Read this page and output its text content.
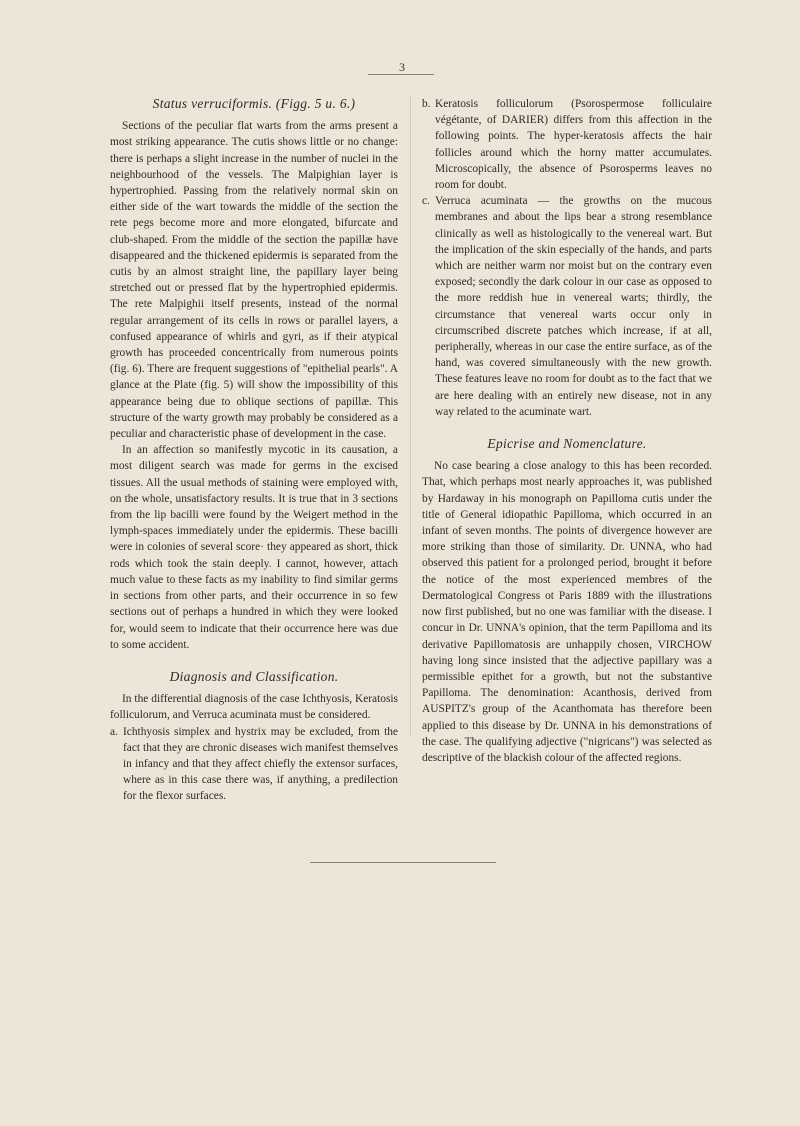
3
Status verruciformis. (Figg. 5 u. 6.)

Sections of the peculiar flat warts from the arms present a most striking appearance. The cutis shows little or no change: there is perhaps a slight increase in the number of nuclei in the neighbourhood of the vessels. The Malpighian layer is hypertrophied. Passing from the relatively normal skin on either side of the wart towards the middle of the section the rete pegs become more and more elongated, bifurcate and club-shaped. From the middle of the section the papillæ have disappeared and the thickened epidermis is separated from the cutis by an almost straight line, the papillary layer being stretched out or pressed flat by the hypertrophied epidermis. The rete Malpighii itself presents, instead of the normal regular arrangement of its cells in rows or parallel layers, a confused appearance of whirls and gyri, as if their atypical growth has proceeded concentrically from numerous points (fig. 6). There are frequent suggestions of "epithelial pearls". A glance at the Plate (fig. 5) will show the impossibility of this appearance being due to oblique sections of papillæ. This structure of the warty growth may probably be considered as a peculiar and characteristic phase of development in the case.

In an affection so manifestly mycotic in its causation, a most diligent search was made for germs in the excised tissues. All the usual methods of staining were employed with, on the whole, unsatisfactory results. It is true that in 3 sections from the lip bacilli were found by the Weigert method in the lymph-spaces immediately under the epidermis. These bacilli were in colonies of several score· they appeared as short, thick rods which took the stain deeply. I cannot, however, attach much value to these facts as my inability to find similar germs in sections from other parts, and their occurrence in so few sections out of perhaps a hundred in which they were looked for, would seem to indicate that their occurrence here was due to some accident.

Diagnosis and Classification.

In the differential diagnosis of the case Ichthyosis, Keratosis folliculorum, and Verruca acuminata must be considered.

a. Ichthyosis simplex and hystrix may be excluded, from the fact that they are chronic diseases wich manifest themselves in infancy and that they affect chiefly the extensor surfaces, where as in this case there was, if anything, a predilection for the flexor surfaces.
b. Keratosis folliculorum (Psorospermose folliculaire végétante, of DARIER) differs from this affection in the following points. The hyper-keratosis affects the hair follicles around which the horny matter accumulates. Microscopically, the absence of Psorosperms leaves no room for doubt.
c. Verruca acuminata — the growths on the mucous membranes and about the lips bear a strong resemblance clinically as well as histologically to the venereal wart. But the implication of the skin especially of the hands, and parts which are neither warm nor moist but on the contrary even exposed; secondly the dark colour in our case as opposed to the more reddish hue in venereal warts; thirdly, the circumstance that venereal warts occur only in circumscribed discrete patches which increase, if at all, peripherally, whereas in our case the entire surface, as of the hand, was covered simultaneously with the new growth. These features leave no room for doubt as to the fact that we are here dealing with an entirely new disease, not in any way related to the acuminate wart.
Epicrise and Nomenclature.

No case bearing a close analogy to this has been recorded. That, which perhaps most nearly approaches it, was published by Hardaway in his monograph on Papilloma cutis under the title of General idiopathic Papilloma, which occurred in an infant of seven months. The points of divergence however are more striking than those of similarity. Dr. UNNA, who had observed this patient for a prolonged period, brought it before the notice of the most experienced membres of the Dermatological Congress ot Paris 1889 with the illustrations now first published, but no one was familiar with the disease. I concur in Dr. UNNA's opinion, that the term Papilloma and its derivative Papillomatosis are unhappily chosen, VIRCHOW having long since insisted that the adjective papillary was a permissible epithet for a growth, but not the substantive Papilloma. The denomination: Acanthosis, derived from AUSPITZ's group of the Acanthomata has therefore been applied to this disease by Dr. UNNA in his demonstrations of the case. The qualifying adjective ("nigricans") was selected as descriptive of the blackish colour of the affected regions.
